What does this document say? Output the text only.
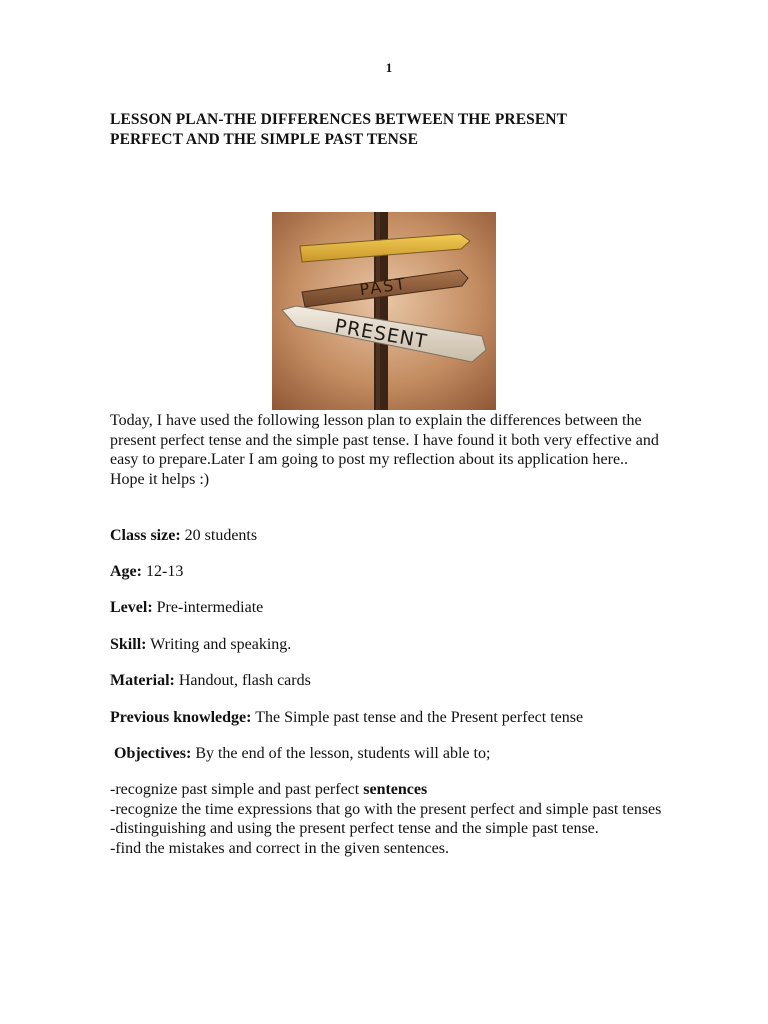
1
LESSON PLAN-THE DIFFERENCES BETWEEN THE PRESENT
PERFECT AND THE SIMPLE PAST TENSE
PAST
PRESENT

Today, I have used the following lesson plan to explain the differences between the present perfect tense and the simple past tense. I have found it both very effective and easy to prepare.Later I am going to post my reflection about its application here..
Hope it helps :)

Class size: 20 students

Age: 12-13

Level: Pre-intermediate

Skill: Writing and speaking.

Material: Handout, flash cards

Previous knowledge: The Simple past tense and the Present perfect tense

Objectives: By the end of the lesson, students will able to;

-recognize past simple and past perfect sentences
-recognize the time expressions that go with the present perfect and simple past tenses
-distinguishing and using the present perfect tense and the simple past tense.
-find the mistakes and correct in the given sentences.
